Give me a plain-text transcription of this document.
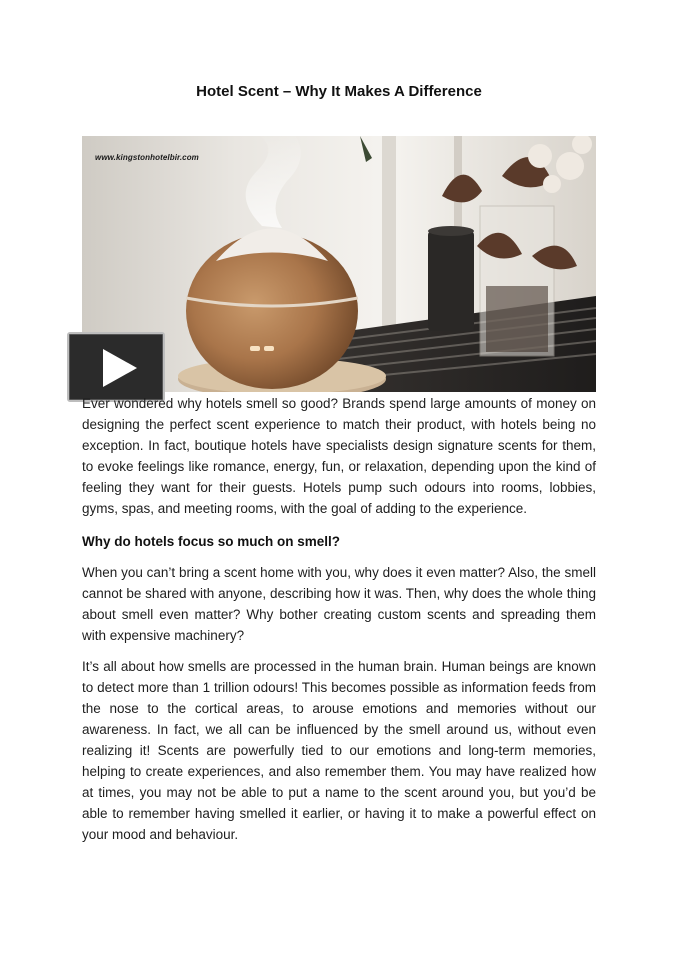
Hotel Scent – Why It Makes A Difference
www.kingstonhotelbir.com

Ever wondered why hotels smell so good? Brands spend large amounts of money on designing the perfect scent experience to match their product, with hotels being no exception. In fact, boutique hotels have specialists design signature scents for them, to evoke feelings like romance, energy, fun, or relaxation, depending upon the kind of feeling they want for their guests. Hotels pump such odours into rooms, lobbies, gyms, spas, and meeting rooms, with the goal of adding to the experience.

Why do hotels focus so much on smell?

When you can’t bring a scent home with you, why does it even matter? Also, the smell cannot be shared with anyone, describing how it was. Then, why does the whole thing about smell even matter? Why bother creating custom scents and spreading them with expensive machinery?

It’s all about how smells are processed in the human brain. Human beings are known to detect more than 1 trillion odours! This becomes possible as information feeds from the nose to the cortical areas, to arouse emotions and memories without our awareness. In fact, we all can be influenced by the smell around us, without even realizing it! Scents are powerfully tied to our emotions and long-term memories, helping to create experiences, and also remember them. You may have realized how at times, you may not be able to put a name to the scent around you, but you’d be able to remember having smelled it earlier, or having it to make a powerful effect on your mood and behaviour.
